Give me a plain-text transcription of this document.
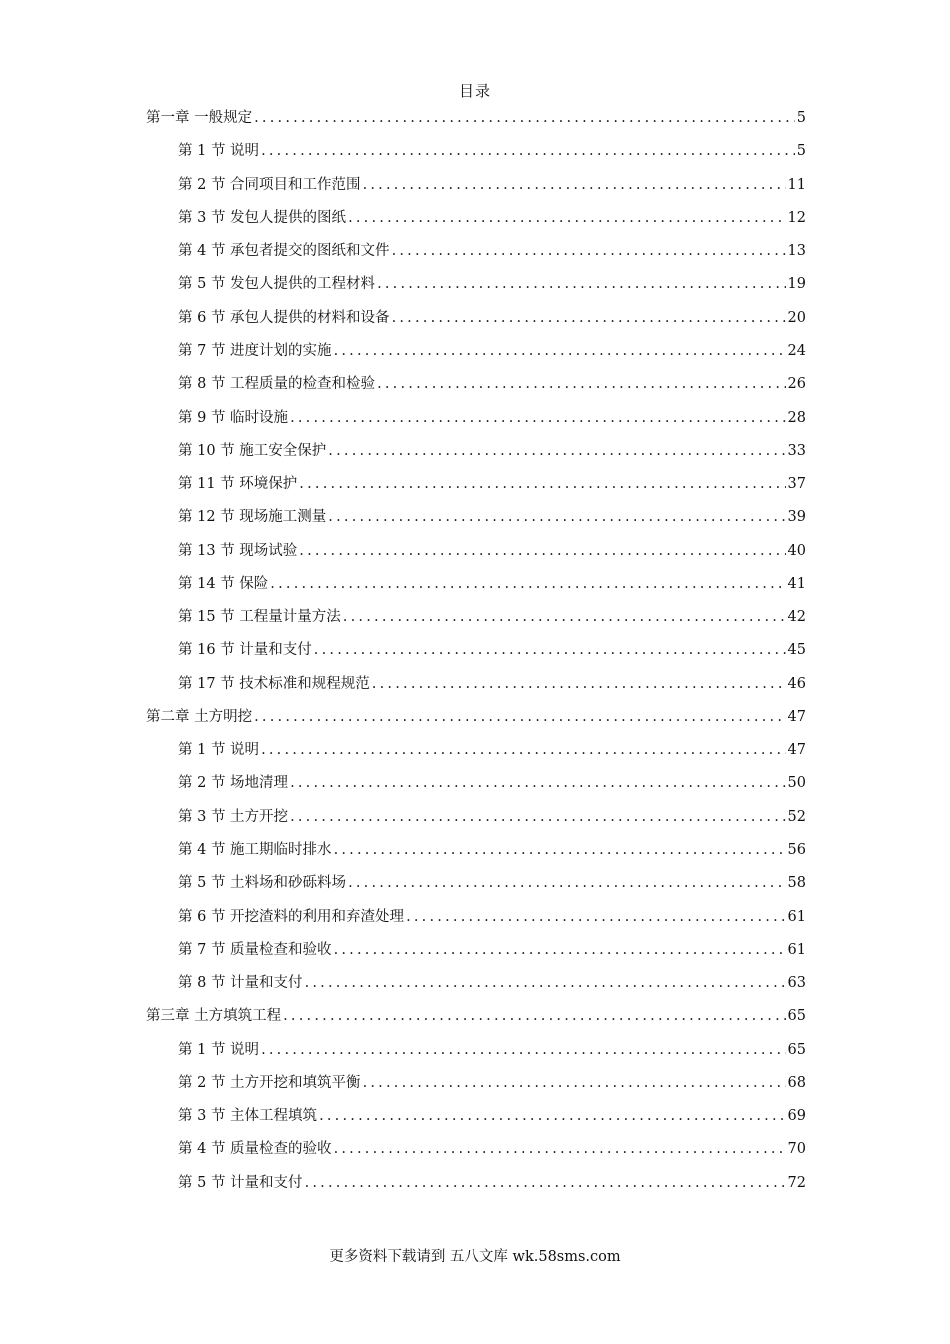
目录
第一章 一般规定 .....	5
第 1 节 说明 .....	5
第 2 节 合同项目和工作范围 .....	11
第 3 节 发包人提供的图纸 .....	12
第 4 节 承包者提交的图纸和文件 .....	13
第 5 节 发包人提供的工程材料 .....	19
第 6 节 承包人提供的材料和设备 .....	20
第 7 节 进度计划的实施 .....	24
第 8 节 工程质量的检查和检验 .....	26
第 9 节 临时设施 .....	28
第 10 节 施工安全保护 .....	33
第 11 节 环境保护 .....	37
第 12 节 现场施工测量 .....	39
第 13 节 现场试验 .....	40
第 14 节 保险 .....	41
第 15 节 工程量计量方法 .....	42
第 16 节 计量和支付 .....	45
第 17 节 技术标准和规程规范 .....	46
第二章 土方明挖 .....	47
第 1 节 说明 .....	47
第 2 节 场地清理 .....	50
第 3 节 土方开挖 .....	52
第 4 节 施工期临时排水 .....	56
第 5 节 土料场和砂砾料场 .....	58
第 6 节 开挖渣料的利用和弃渣处理 .....	61
第 7 节 质量检查和验收 .....	61
第 8 节 计量和支付 .....	63
第三章 土方填筑工程 .....	65
第 1 节 说明 .....	65
第 2 节 土方开挖和填筑平衡 .....	68
第 3 节 主体工程填筑 .....	69
第 4 节 质量检查的验收 .....	70
第 5 节 计量和支付 .....	72
更多资料下载请到 五八文库 wk.58sms.com
